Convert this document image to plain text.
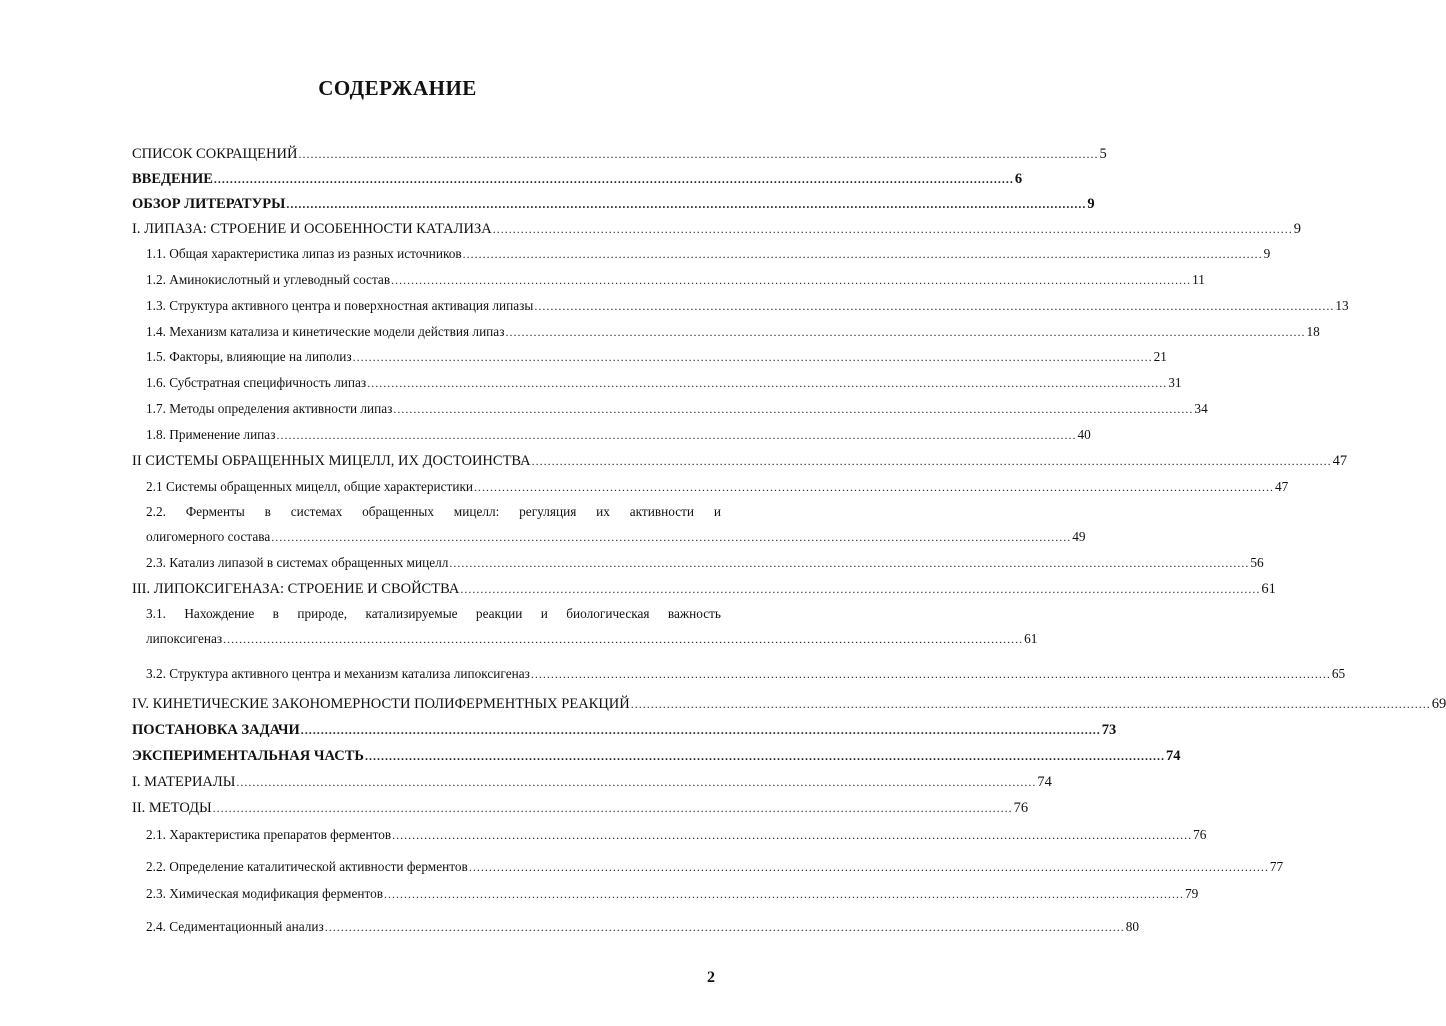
СОДЕРЖАНИЕ
СПИСОК СОКРАЩЕНИЙ ........................................................................................................................................................................................................ 5
ВВЕДЕНИЕ ........................................................................................................................................................................................................ 6
ОБЗОР ЛИТЕРАТУРЫ ........................................................................................................................................................................................................ 9
I. ЛИПАЗА: СТРОЕНИЕ И ОСОБЕННОСТИ КАТАЛИЗА ........................................................................................................................................................................................................ 9
1.1. Общая характеристика липаз из разных источников ........................................................................................................................................................................................................ 9
1.2. Аминокислотный и углеводный состав ........................................................................................................................................................................................................ 11
1.3. Структура активного центра и поверхностная активация липазы ........................................................................................................................................................................................................ 13
1.4. Механизм катализа и кинетические модели действия липаз ........................................................................................................................................................................................................ 18
1.5. Факторы, влияющие на липолиз ........................................................................................................................................................................................................ 21
1.6. Субстратная специфичность липаз ........................................................................................................................................................................................................ 31
1.7. Методы определения активности липаз ........................................................................................................................................................................................................ 34
1.8. Применение липаз ........................................................................................................................................................................................................ 40
II СИСТЕМЫ ОБРАЩЕННЫХ МИЦЕЛЛ, ИХ ДОСТОИНСТВА ........................................................................................................................................................................................................ 47
2.1 Системы обращенных мицелл, общие характеристики ........................................................................................................................................................................................................ 47
2.2. Ферменты в системах обращенных мицелл: регуляция их активности и
олигомерного состава ........................................................................................................................................................................................................ 49
2.3. Катализ липазой в системах обращенных мицелл ........................................................................................................................................................................................................ 56
III. ЛИПОКСИГЕНАЗА: СТРОЕНИЕ И СВОЙСТВА ........................................................................................................................................................................................................ 61
3.1. Нахождение в природе, катализируемые реакции и биологическая важность
липоксигеназ ........................................................................................................................................................................................................ 61
3.2. Структура активного центра и механизм катализа липоксигеназ ........................................................................................................................................................................................................ 65
IV. КИНЕТИЧЕСКИЕ ЗАКОНОМЕРНОСТИ ПОЛИФЕРМЕНТНЫХ РЕАКЦИЙ ........................................................................................................................................................................................................ 69
ПОСТАНОВКА ЗАДАЧИ ........................................................................................................................................................................................................ 73
ЭКСПЕРИМЕНТАЛЬНАЯ ЧАСТЬ ........................................................................................................................................................................................................ 74
I. МАТЕРИАЛЫ ........................................................................................................................................................................................................ 74
II. МЕТОДЫ ........................................................................................................................................................................................................ 76
2.1. Характеристика препаратов ферментов ........................................................................................................................................................................................................ 76
2.2. Определение каталитической активности ферментов ........................................................................................................................................................................................................ 77
2.3. Химическая модификация ферментов ........................................................................................................................................................................................................ 79
2.4. Седиментационный анализ ........................................................................................................................................................................................................ 80
2
